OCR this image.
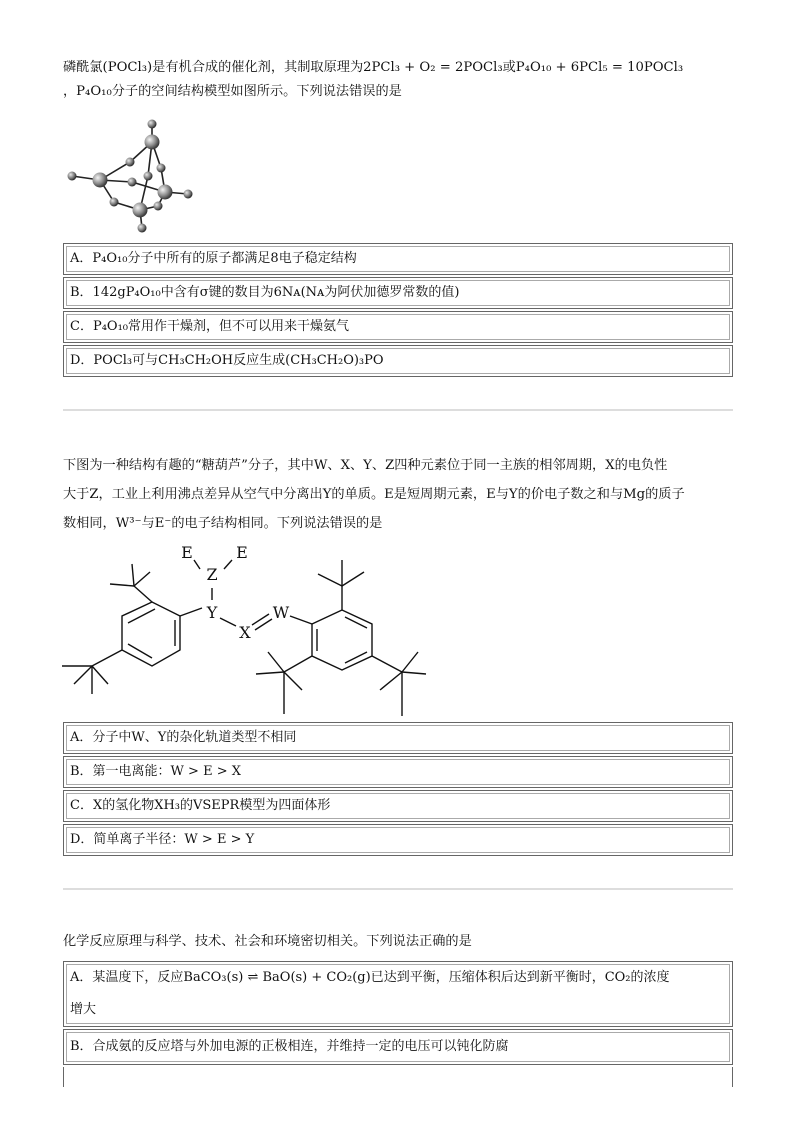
磷酰氯(POCl₃)是有机合成的催化剂，其制取原理为2PCl₃ + O₂ = 2POCl₃或P₄O₁₀ + 6PCl₅ = 10POCl₃
，P₄O₁₀分子的空间结构模型如图所示。下列说法错误的是
A．P₄O₁₀分子中所有的原子都满足8电子稳定结构
B．142gP₄O₁₀中含有σ键的数目为6Nᴀ(Nᴀ为阿伏加德罗常数的值)
C．P₄O₁₀常用作干燥剂，但不可以用来干燥氨气
D．POCl₃可与CH₃CH₂OH反应生成(CH₃CH₂O)₃PO
下图为一种结构有趣的“糖葫芦”分子，其中W、X、Y、Z四种元素位于同一主族的相邻周期，X的电负性
大于Z，工业上利用沸点差异从空气中分离出Y的单质。E是短周期元素，E与Y的价电子数之和与Mg的质子
数相同，W³⁻与E⁻的电子结构相同。下列说法错误的是
E	E
Z
Y
X
W
A．分子中W、Y的杂化轨道类型不相同
B．第一电离能：W > E > X
C．X的氢化物XH₃的VSEPR模型为四面体形
D．简单离子半径：W > E > Y
化学反应原理与科学、技术、社会和环境密切相关。下列说法正确的是
A．某温度下，反应BaCO₃(s) ⇌ BaO(s) + CO₂(g)已达到平衡，压缩体积后达到新平衡时，CO₂的浓度
增大
B．合成氨的反应塔与外加电源的正极相连，并维持一定的电压可以钝化防腐
